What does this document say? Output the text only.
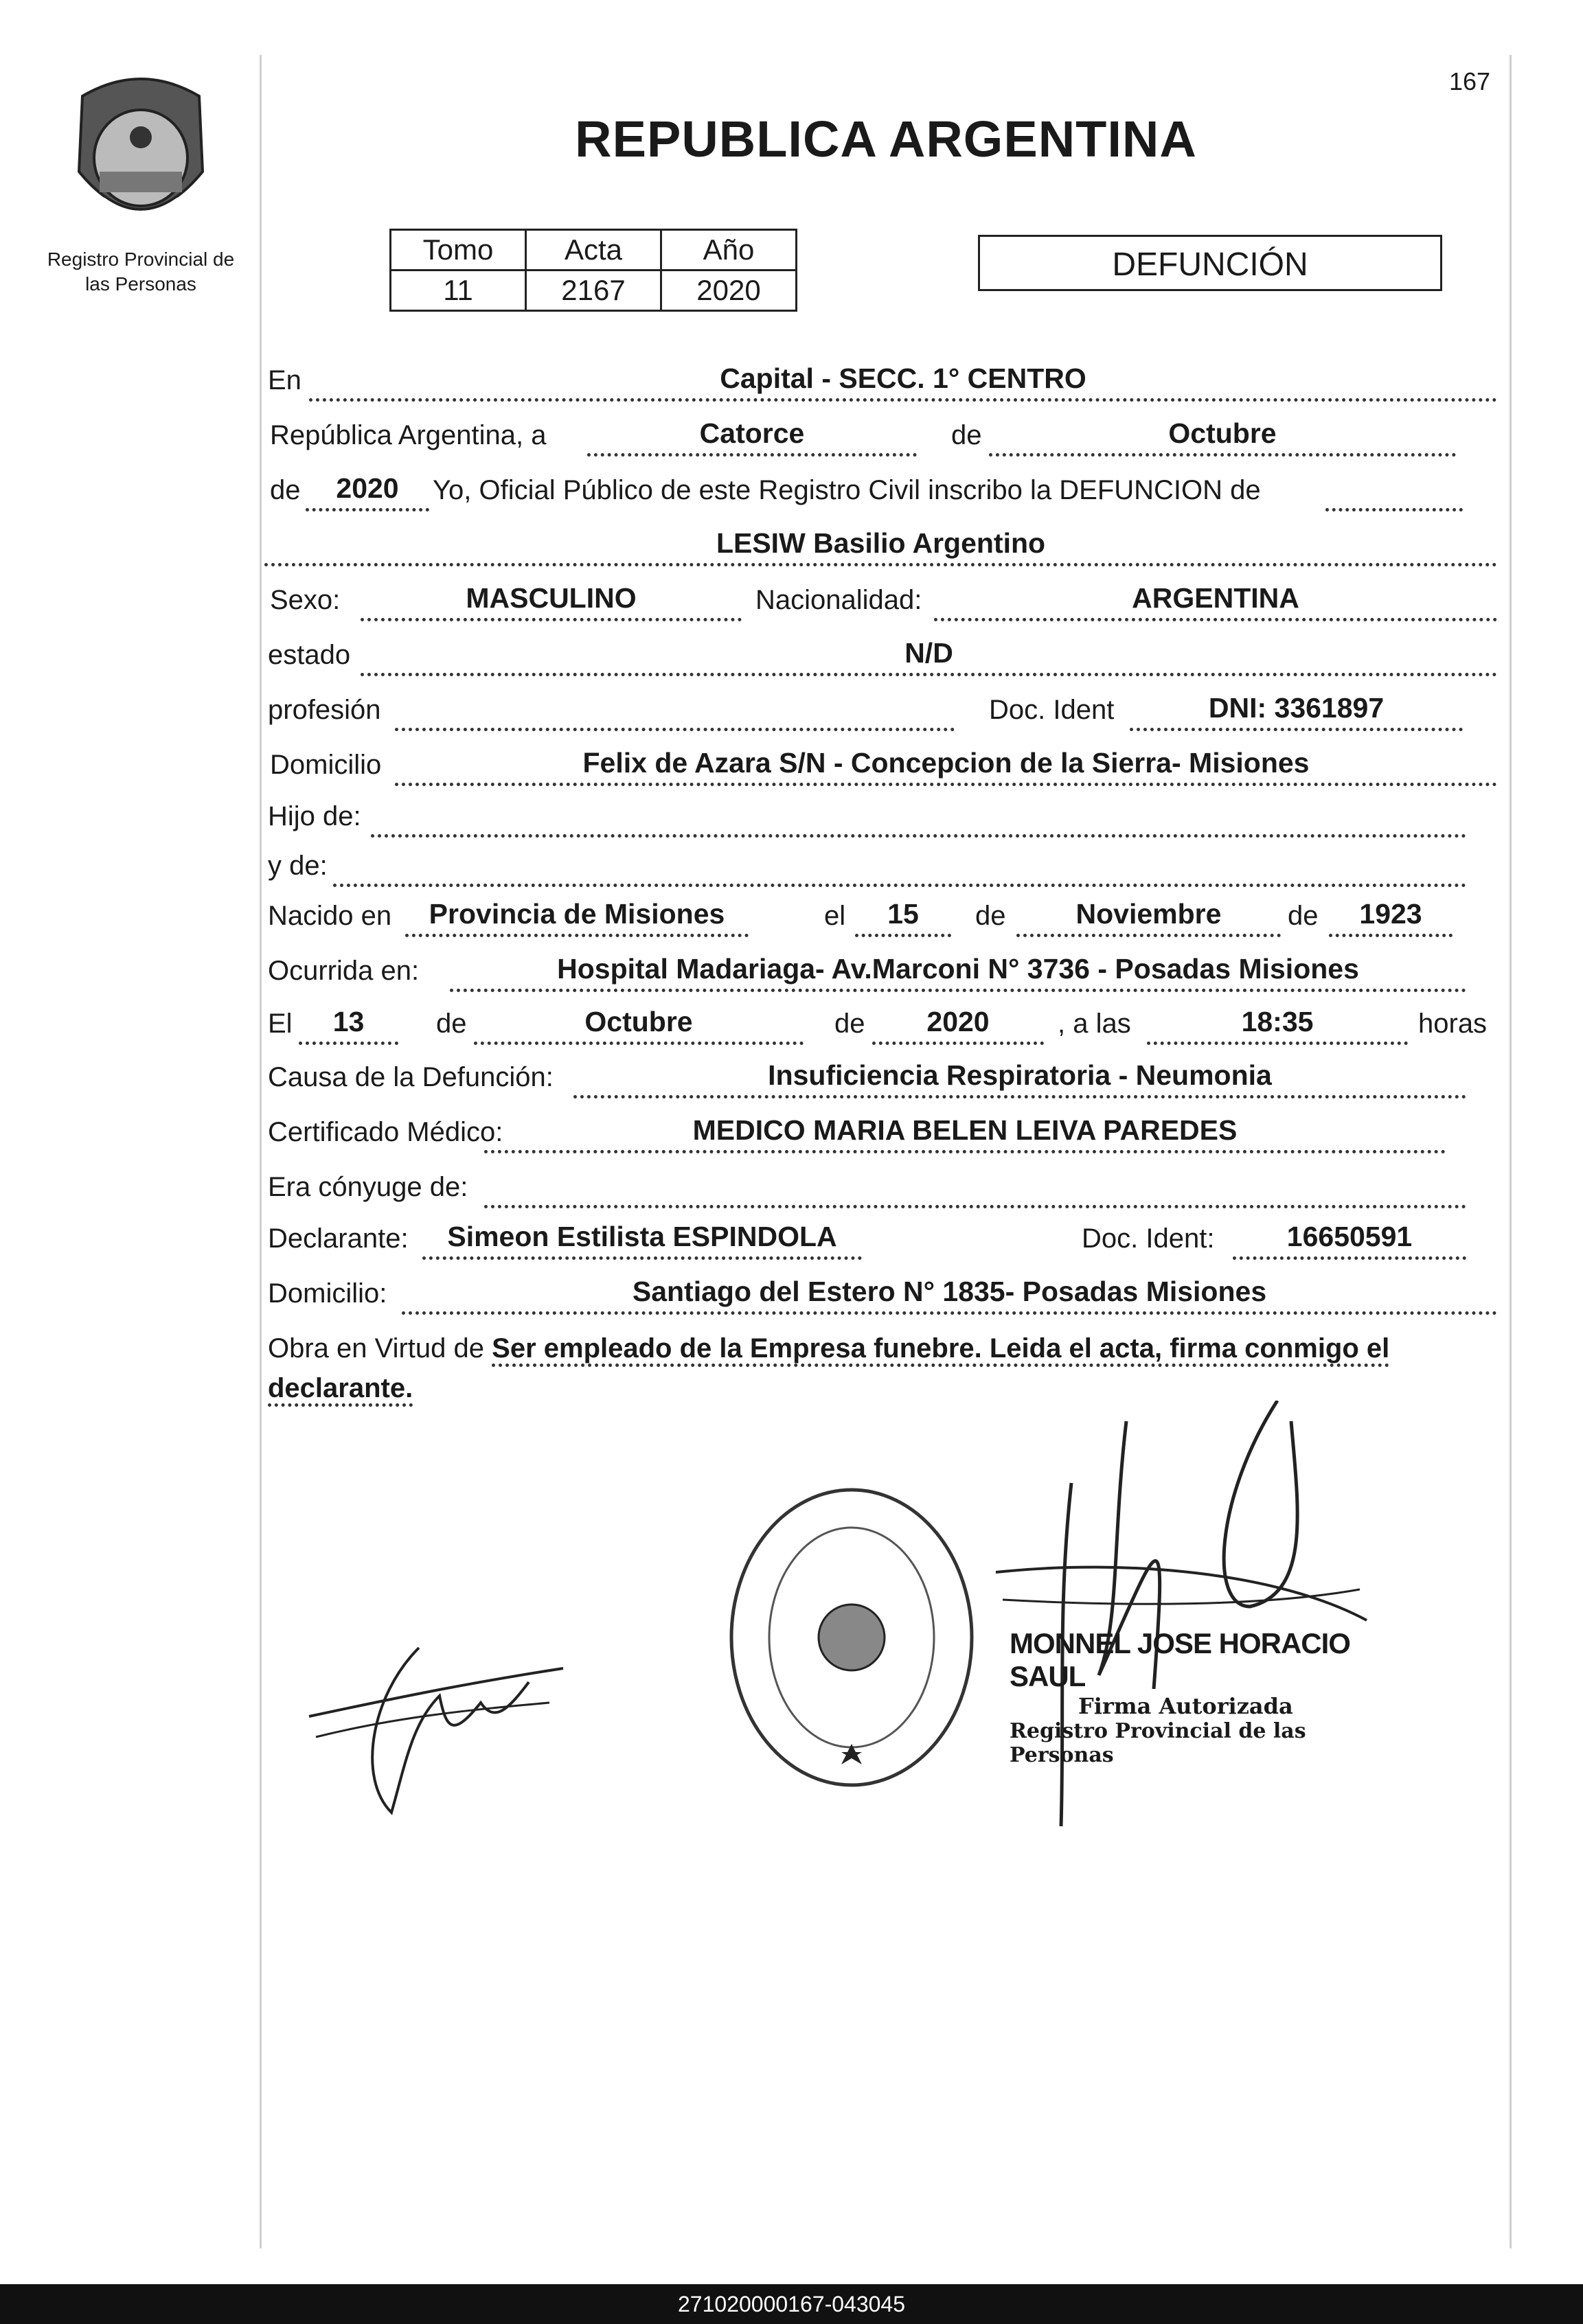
Registro Provincial de
las Personas
167
REPUBLICA ARGENTINA
Tomo	Acta	Año
11	2167	2020
DEFUNCIÓN
En	Capital - SECC. 1° CENTRO
República Argentina, a	Catorce	de	Octubre
de	2020	Yo, Oficial Público de este Registro Civil inscribo la DEFUNCION de
LESIW Basilio Argentino
Sexo:	MASCULINO	Nacionalidad:	ARGENTINA
estado	N/D
profesión	Doc. Ident	DNI: 3361897
Domicilio	Felix de Azara S/N - Concepcion de la Sierra- Misiones
Hijo de:
y de:
Nacido en	Provincia de Misiones	el	15	de	Noviembre	de	1923
Ocurrida en:	Hospital Madariaga- Av.Marconi N° 3736 - Posadas Misiones
El	13	de	Octubre	de	2020	, a las	18:35	horas
Causa de la Defunción:	Insuficiencia Respiratoria - Neumonia
Certificado Médico:	MEDICO MARIA BELEN LEIVA PAREDES
Era cónyuge de:
Declarante:	Simeon Estilista ESPINDOLA	Doc. Ident:	16650591
Domicilio:	Santiago del Estero N° 1835- Posadas Misiones
Obra en Virtud de Ser empleado de la Empresa funebre. Leida el acta, firma conmigo el declarante.
MONNEL JOSE HORACIO SAUL
Firma Autorizada
Registro Provincial de las Personas
271020000167-043045
